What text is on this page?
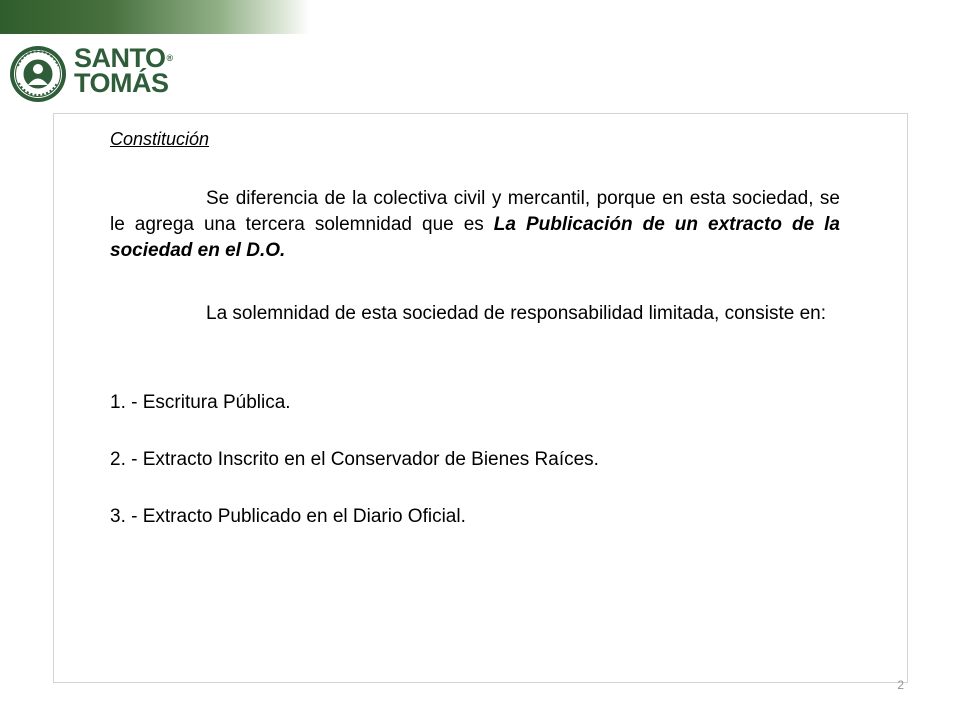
SANTO®
TOMÁS
Constitución

Se diferencia de la colectiva civil y mercantil, porque en esta sociedad, se le agrega una tercera solemnidad que es La Publicación de un extracto de la sociedad en el D.O.

La solemnidad de esta sociedad de responsabilidad limitada, consiste en:

1. - Escritura Pública.
2. - Extracto Inscrito en el Conservador de Bienes Raíces.
3. - Extracto Publicado en el Diario Oficial.
2
